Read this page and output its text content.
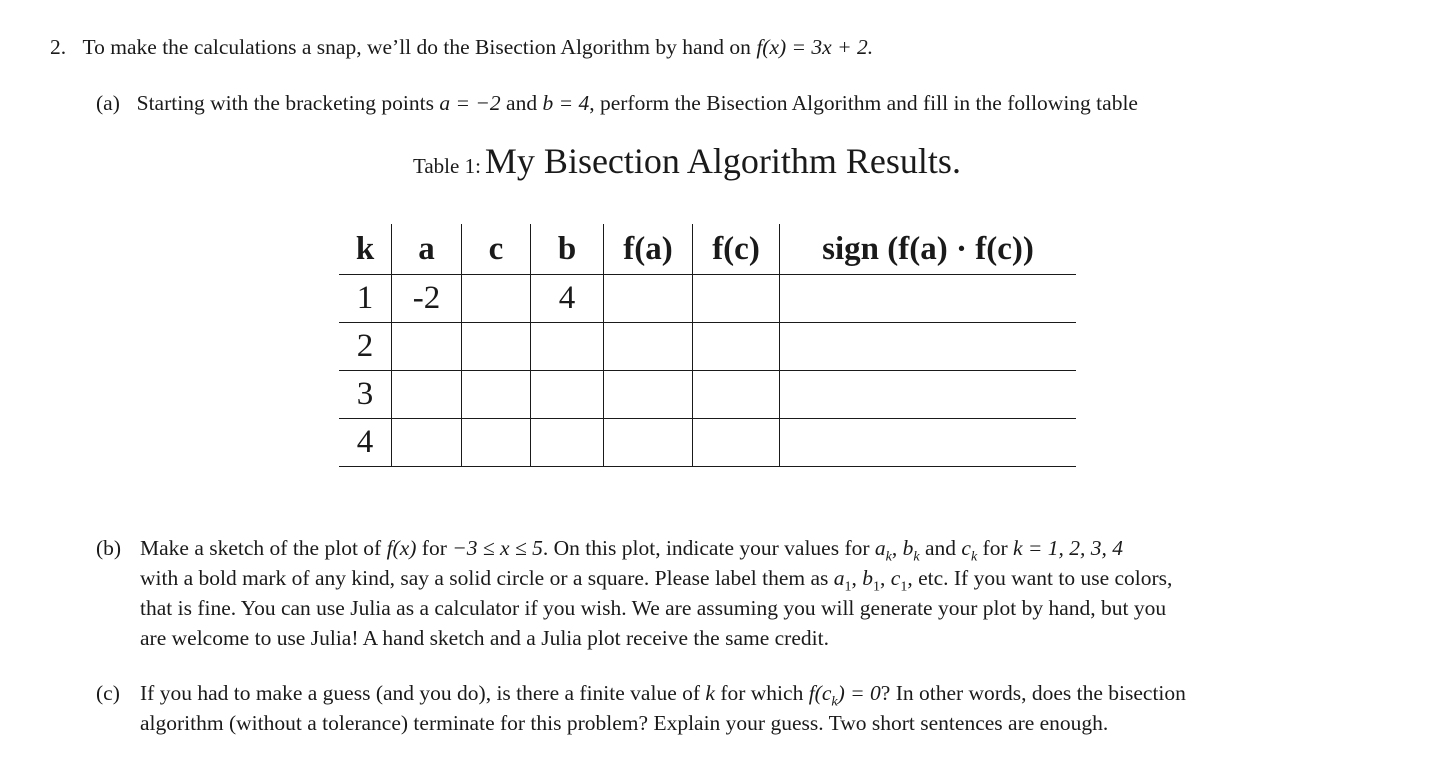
2. To make the calculations a snap, we’ll do the Bisection Algorithm by hand on f(x) = 3x + 2.
(a) Starting with the bracketing points a = −2 and b = 4, perform the Bisection Algorithm and fill in the following table
Table 1: My Bisection Algorithm Results.
k	a	c	b	f(a)	f(c)	sign (f(a) · f(c))
1	-2		4			
2						
3						
4						
(b) Make a sketch of the plot of f(x) for −3 ≤ x ≤ 5. On this plot, indicate your values for $a_k$, $b_k$ and $c_k$ for k = 1, 2, 3, 4
with a bold mark of any kind, say a solid circle or a square. Please label them as $a_1$, $b_1$, $c_1$, etc. If you want to use colors,
that is fine. You can use Julia as a calculator if you wish. We are assuming you will generate your plot by hand, but you
are welcome to use Julia! A hand sketch and a Julia plot receive the same credit.
(c) If you had to make a guess (and you do), is there a finite value of k for which $f(c_k) = 0$? In other words, does the bisection
algorithm (without a tolerance) terminate for this problem? Explain your guess. Two short sentences are enough.
